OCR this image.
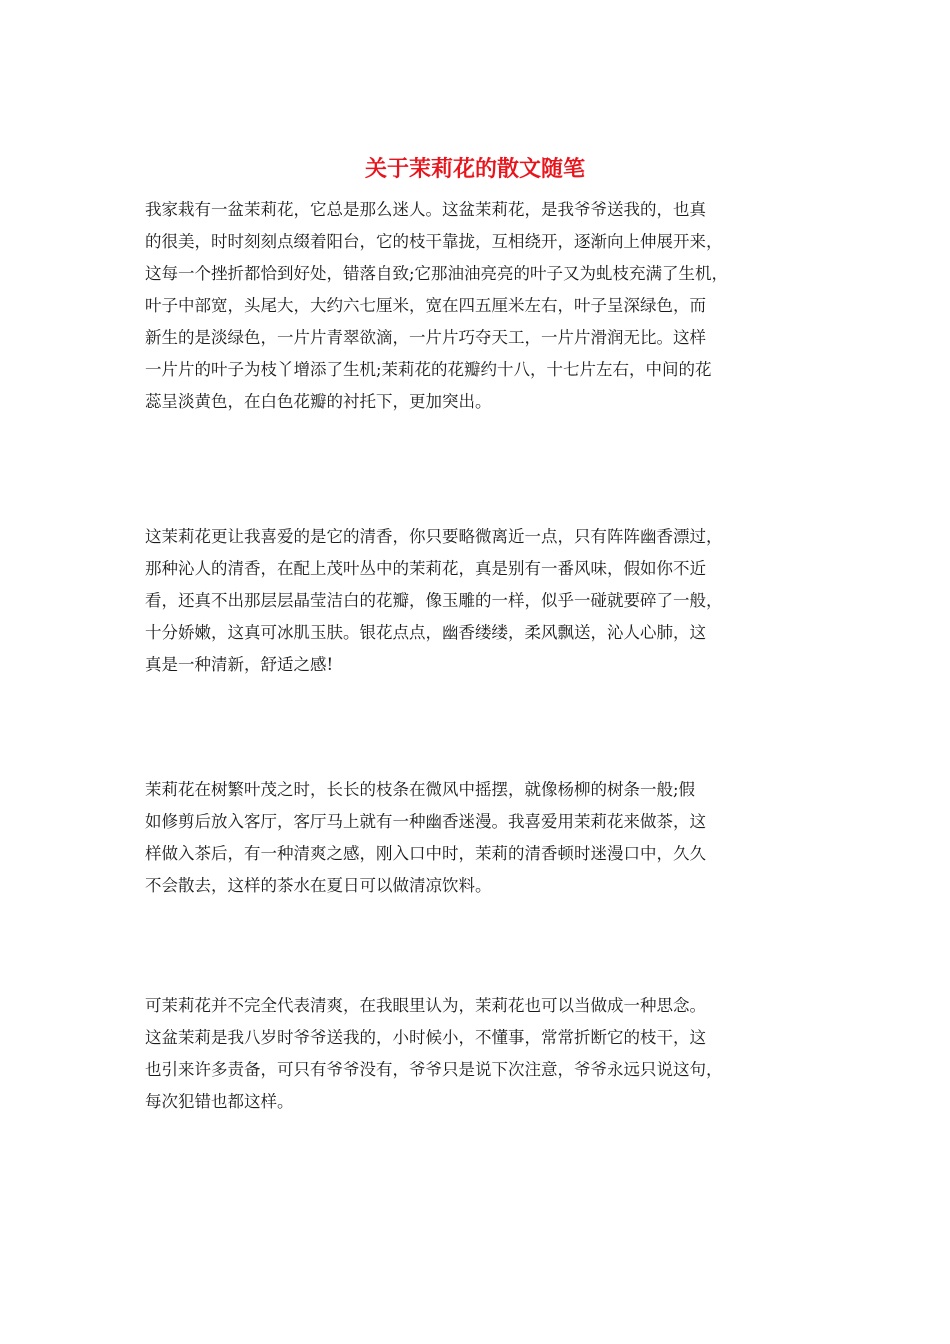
关于茉莉花的散文随笔
我家栽有一盆茉莉花，它总是那么迷人。这盆茉莉花，是我爷爷送我的，也真
的很美，时时刻刻点缀着阳台，它的枝干靠拢，互相绕开，逐渐向上伸展开来，
这每一个挫折都恰到好处，错落自致;它那油油亮亮的叶子又为虬枝充满了生机，
叶子中部宽，头尾大，大约六七厘米，宽在四五厘米左右，叶子呈深绿色，而
新生的是淡绿色，一片片青翠欲滴，一片片巧夺天工，一片片滑润无比。这样
一片片的叶子为枝丫增添了生机;茉莉花的花瓣约十八，十七片左右，中间的花
蕊呈淡黄色，在白色花瓣的衬托下，更加突出。
这茉莉花更让我喜爱的是它的清香，你只要略微离近一点，只有阵阵幽香漂过，
那种沁人的清香，在配上茂叶丛中的茉莉花，真是别有一番风味，假如你不近
看，还真不出那层层晶莹洁白的花瓣，像玉雕的一样，似乎一碰就要碎了一般，
十分娇嫩，这真可冰肌玉肤。银花点点，幽香缕缕，柔风飘送，沁人心肺，这
真是一种清新，舒适之感!
茉莉花在树繁叶茂之时，长长的枝条在微风中摇摆，就像杨柳的树条一般;假
如修剪后放入客厅，客厅马上就有一种幽香迷漫。我喜爱用茉莉花来做茶，这
样做入茶后，有一种清爽之感，刚入口中时，茉莉的清香顿时迷漫口中，久久
不会散去，这样的茶水在夏日可以做清凉饮料。
可茉莉花并不完全代表清爽，在我眼里认为，茉莉花也可以当做成一种思念。
这盆茉莉是我八岁时爷爷送我的，小时候小，不懂事，常常折断它的枝干，这
也引来许多责备，可只有爷爷没有，爷爷只是说下次注意，爷爷永远只说这句，
每次犯错也都这样。
